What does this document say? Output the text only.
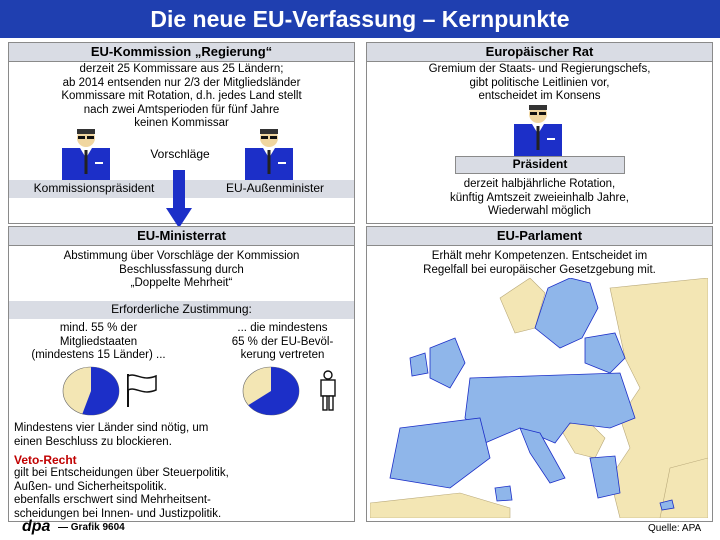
Die neue EU-Verfassung – Kernpunkte
EU-Kommission „Regierung“
derzeit 25 Kommissare aus 25 Ländern;
ab 2014 entsenden nur 2/3 der Mitgliedsländer
Kommissare mit Rotation, d.h. jedes Land stellt
nach zwei Amtsperioden für fünf Jahre
keinen Kommissar
Vorschläge
Kommissionspräsident	EU-Außenminister
Europäischer Rat
Gremium der Staats- und Regierungschefs,
gibt politische Leitlinien vor,
entscheidet im Konsens
Präsident
derzeit halbjährliche Rotation,
künftig Amtszeit zweieinhalb Jahre,
Wiederwahl möglich
EU-Ministerrat
Abstimmung über Vorschläge der Kommission
Beschlussfassung durch
„Doppelte Mehrheit“
Erforderliche Zustimmung:
mind. 55 % der
Mitgliedstaaten
(mindestens 15 Länder) ...
... die mindestens
65 % der EU-Bevöl-
kerung vertreten
Mindestens vier Länder sind nötig, um
einen Beschluss zu blockieren.
Veto-Recht
gilt bei Entscheidungen über Steuerpolitik,
Außen- und Sicherheitspolitik.
ebenfalls erschwert sind Mehrheitsent-
scheidungen bei Innen- und Justizpolitik.
EU-Parlament
Erhält mehr Kompetenzen. Entscheidet im
Regelfall bei europäischer Gesetzgebung mit.
dpa — Grafik 9604	Quelle: APA
